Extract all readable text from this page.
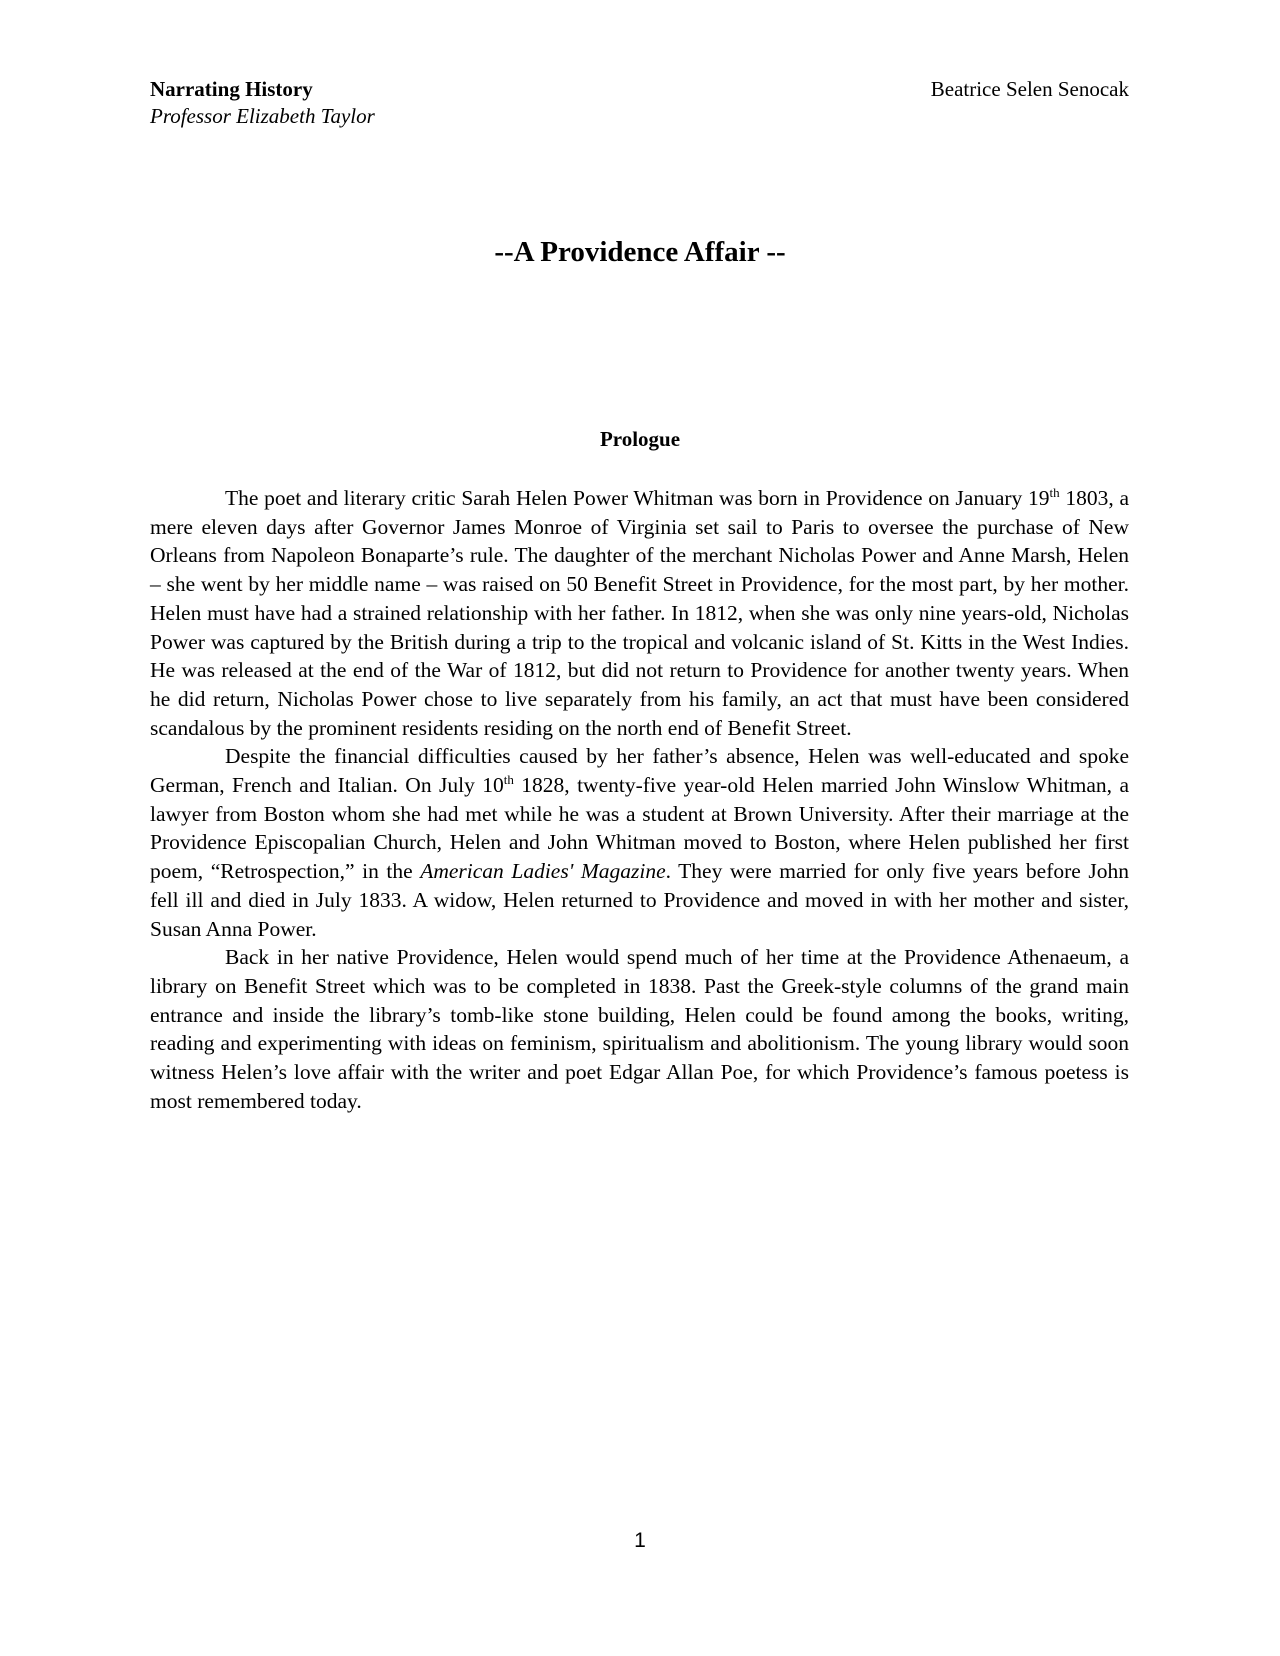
Narrating History
Professor Elizabeth Taylor
Beatrice Selen Senocak
--A Providence Affair --
Prologue

The poet and literary critic Sarah Helen Power Whitman was born in Providence on January 19th 1803, a mere eleven days after Governor James Monroe of Virginia set sail to Paris to oversee the purchase of New Orleans from Napoleon Bonaparte’s rule. The daughter of the merchant Nicholas Power and Anne Marsh, Helen – she went by her middle name – was raised on 50 Benefit Street in Providence, for the most part, by her mother. Helen must have had a strained relationship with her father. In 1812, when she was only nine years-old, Nicholas Power was captured by the British during a trip to the tropical and volcanic island of St. Kitts in the West Indies. He was released at the end of the War of 1812, but did not return to Providence for another twenty years. When he did return, Nicholas Power chose to live separately from his family, an act that must have been considered scandalous by the prominent residents residing on the north end of Benefit Street.

Despite the financial difficulties caused by her father’s absence, Helen was well-educated and spoke German, French and Italian. On July 10th 1828, twenty-five year-old Helen married John Winslow Whitman, a lawyer from Boston whom she had met while he was a student at Brown University. After their marriage at the Providence Episcopalian Church, Helen and John Whitman moved to Boston, where Helen published her first poem, “Retrospection,” in the American Ladies' Magazine. They were married for only five years before John fell ill and died in July 1833. A widow, Helen returned to Providence and moved in with her mother and sister, Susan Anna Power.

Back in her native Providence, Helen would spend much of her time at the Providence Athenaeum, a library on Benefit Street which was to be completed in 1838. Past the Greek-style columns of the grand main entrance and inside the library’s tomb-like stone building, Helen could be found among the books, writing, reading and experimenting with ideas on feminism, spiritualism and abolitionism. The young library would soon witness Helen’s love affair with the writer and poet Edgar Allan Poe, for which Providence’s famous poetess is most remembered today.

1
